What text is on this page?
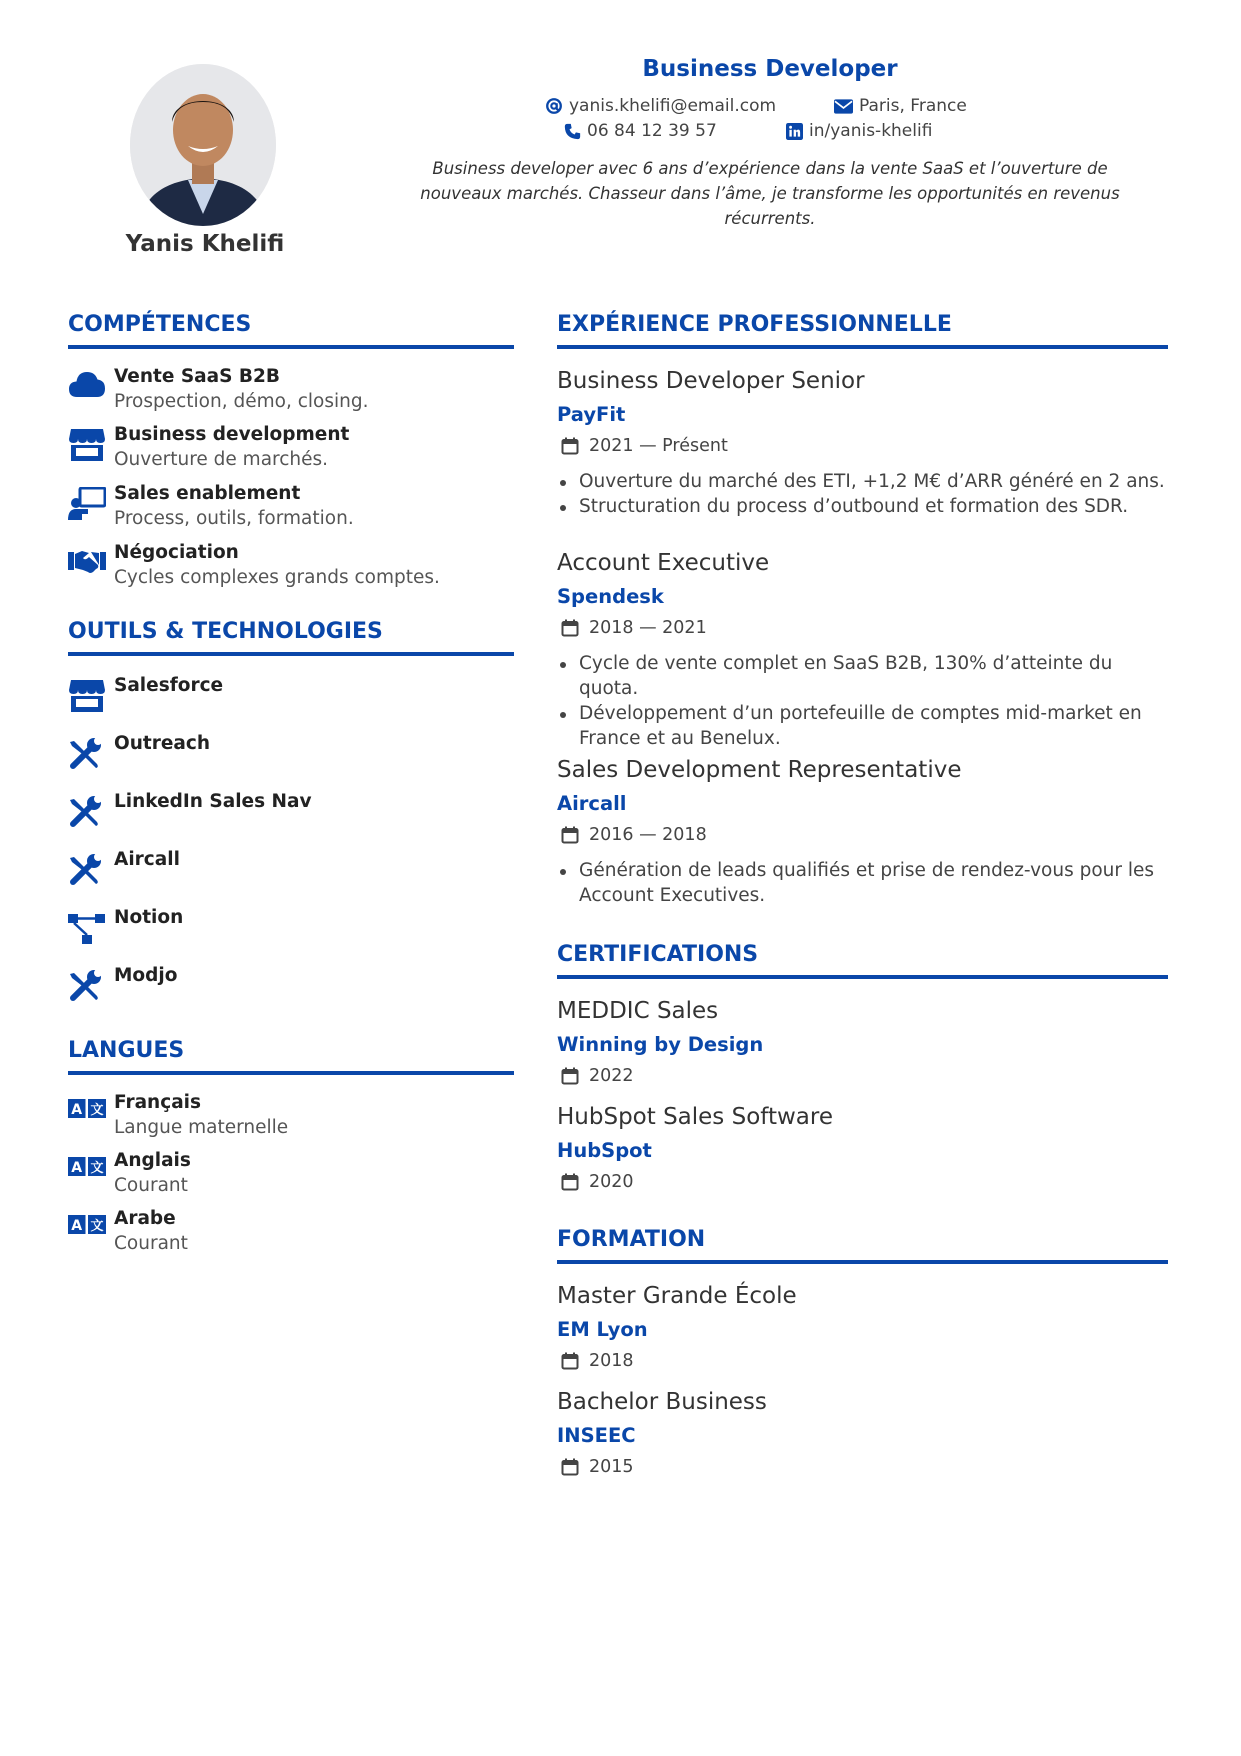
Yanis Khelifi
Business Developer
yanis.khelifi@email.com	Paris, France
06 84 12 39 57	in/yanis-khelifi
Business developer avec 6 ans d’expérience dans la vente SaaS et l’ouverture de nouveaux marchés. Chasseur dans l’âme, je transforme les opportunités en revenus récurrents.
COMPÉTENCES
Vente SaaS B2B
Prospection, démo, closing.
Business development
Ouverture de marchés.
Sales enablement
Process, outils, formation.
Négociation
Cycles complexes grands comptes.
OUTILS & TECHNOLOGIES
Salesforce
Outreach
LinkedIn Sales Nav
Aircall
Notion
Modjo
LANGUES
A 文 Français
Langue maternelle
A 文 Anglais
Courant
A 文 Arabe
Courant
EXPÉRIENCE PROFESSIONNELLE
Business Developer Senior
PayFit
2021 — Présent
Ouverture du marché des ETI, +1,2 M€ d’ARR généré en 2 ans.
Structuration du process d’outbound et formation des SDR.
Account Executive
Spendesk
2018 — 2021
Cycle de vente complet en SaaS B2B, 130% d’atteinte du quota.
Développement d’un portefeuille de comptes mid-market en France et au Benelux.
Sales Development Representative
Aircall
2016 — 2018
Génération de leads qualifiés et prise de rendez-vous pour les Account Executives.
CERTIFICATIONS
MEDDIC Sales
Winning by Design
2022
HubSpot Sales Software
HubSpot
2020
FORMATION
Master Grande École
EM Lyon
2018
Bachelor Business
INSEEC
2015
